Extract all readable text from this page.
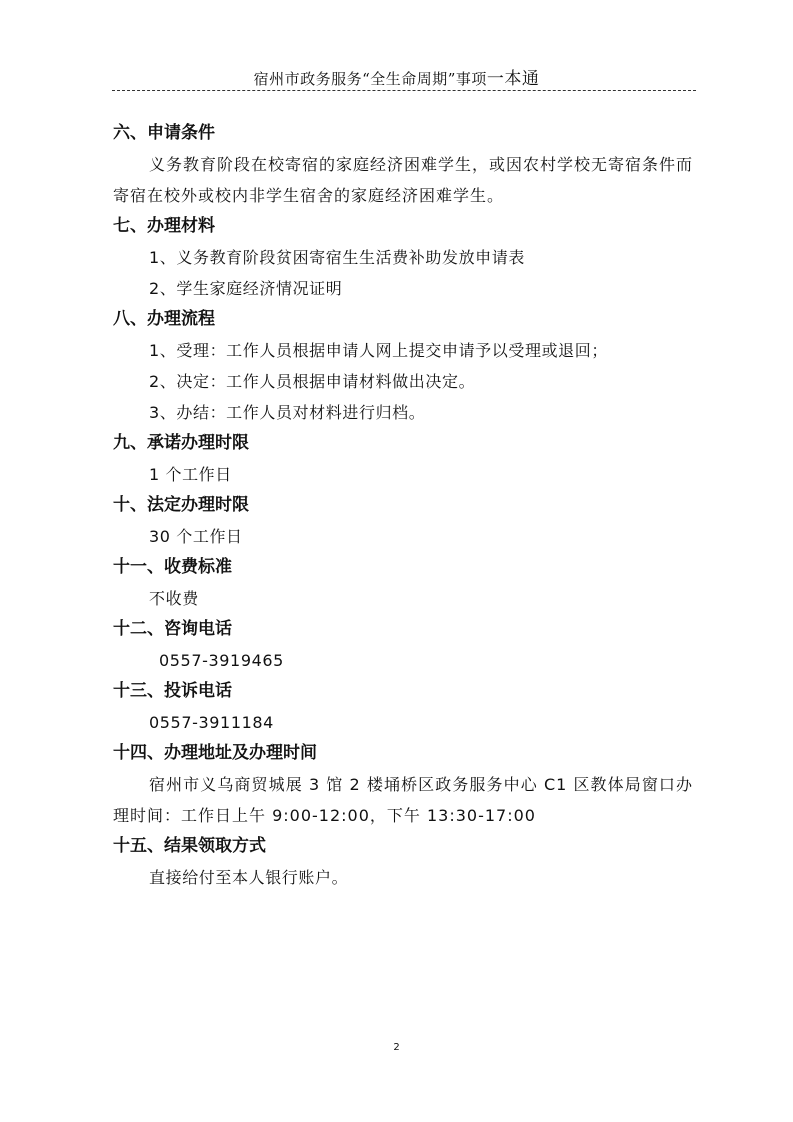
宿州市政务服务“全生命周期”事项一本通
六、申请条件
义务教育阶段在校寄宿的家庭经济困难学生，或因农村学校无寄宿条件而寄宿在校外或校内非学生宿舍的家庭经济困难学生。
七、办理材料
1、义务教育阶段贫困寄宿生生活费补助发放申请表
2、学生家庭经济情况证明
八、办理流程
1、受理：工作人员根据申请人网上提交申请予以受理或退回；
2、决定：工作人员根据申请材料做出决定。
3、办结：工作人员对材料进行归档。
九、承诺办理时限
1 个工作日
十、法定办理时限
30 个工作日
十一、收费标准
不收费
十二、咨询电话
0557-3919465
十三、投诉电话
0557-3911184
十四、办理地址及办理时间
宿州市义乌商贸城展 3 馆 2 楼埇桥区政务服务中心 C1 区教体局窗口办理时间：工作日上午 9:00-12:00，下午 13:30-17:00
十五、结果领取方式
直接给付至本人银行账户。
2
